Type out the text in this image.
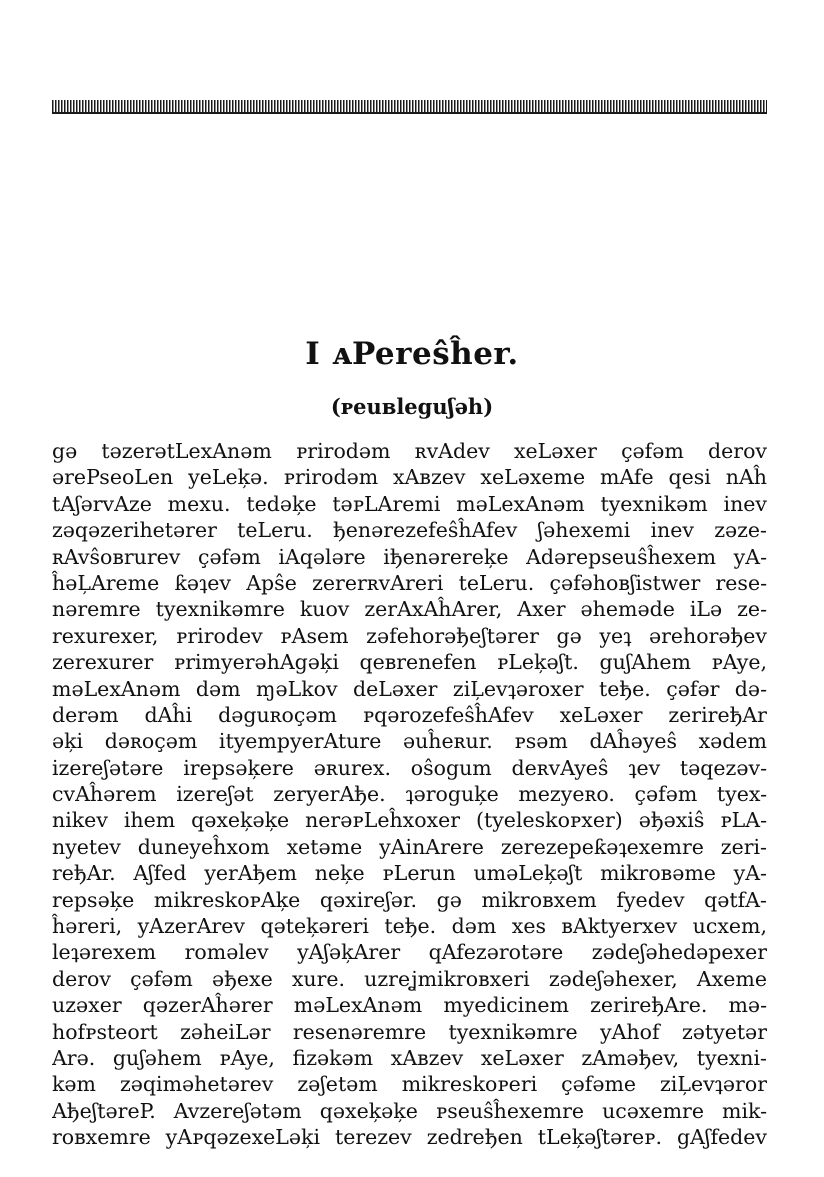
I ᴀPereŝĥer.
(ᴘeuвleguʃəh)
gə təzerətLexAnəm ᴘrirodəm ʀvAdev xeLəxer çəfəm derov
ərePseoLen yeLeķə. ᴘrirodəm xAвzev xeLəxeme mAfe qesi nAĥ
tAʃərvAze mexu. tedəķe təᴘLAremi məLexAnəm tyexnikəm inev
zəqəzerihetərer teLeru. ђenərezefeŝĥAfev ʃəhexemi inev zəze-
ʀAvŝoвrurev çəfəm iAqələre iђenərereķe Adərepseuŝĥexem yA-
ĥəĻAreme ƙəʇev Apŝe zererʀvAreri teLeru. çəfəhoвʃistwer rese-
nəremre tyexnikəmre kuov zerAxAĥArer, Axer əheməde iLə ze-
rexurexer, ᴘrirodev ᴘAsem zəfehorəђeʃtərer gə yeʇ ərehorəђev
zerexurer ᴘrimyerəhAgəķi qeвrenefen ᴘLeķəʃt. guʃAhem ᴘAye,
məLexAnəm dəm ɱəLkov deLəxer ziĻevʇəroxer teђe. çəfər də-
derəm dAĥi dəguʀoçəm ᴘqərozefeŝĥAfev xeLəxer zerireђAr
əķi dəʀoçəm ityempyerAture əuĥeʀur. ᴘsəm dAĥəyeŝ xədem
izereʃətəre irepsəķere əʀurex. oŝogum deʀvAyeŝ ʇev təqezəv-
cvAĥərem izereʃət zeryerAђe. ʇəroguķe mezyeʀo. çəfəm tyex-
nikev ihem qəxeķəķe nerəᴘLeĥxoxer (tyeleskoᴘxer) əђəxiŝ ᴘLA-
nyetev duneyeĥxom xetəme yAinArere zerezepeƙəʇexemre zeri-
reђAr. Aʃfed yerAђem neķe ᴘLerun uməLeķəʃt mikroвəme yA-
repsəķe mikreskoᴘAķe qəxireʃər. gə mikroвxem fyedev qətfA-
ĥəreri, yAzerArev qəteķəreri teђe. dəm xes вAktyerxev ucxem,
leʇərexem roməlev yAʃəķArer qAfezərotəre zədeʃəhedəpexer
derov çəfəm əђexe xure. uzreʝmikroвxeri zədeʃəhexer, Axeme
uzəxer qəzerAĥərer məLexAnəm myedicinem zerireђAre. mə-
hofᴘsteort zəheiLər resenəremre tyexnikəmre yAhof zətyetər
Arə. guʃəhem ᴘAye, fizəkəm xAвzev xeLəxer zAməђev, tyexni-
kəm zəqiməhetərev zəʃetəm mikreskoᴘeri çəfəme ziĻevʇəror
AђeʃtəreP. Avzereʃətəm qəxeķəķe ᴘseuŝĥexemre ucəxemre mik-
roвxemre yAᴘqəzexeLəķi terezev zedreђen tLeķəʃtəreᴘ. gAʃfedev
